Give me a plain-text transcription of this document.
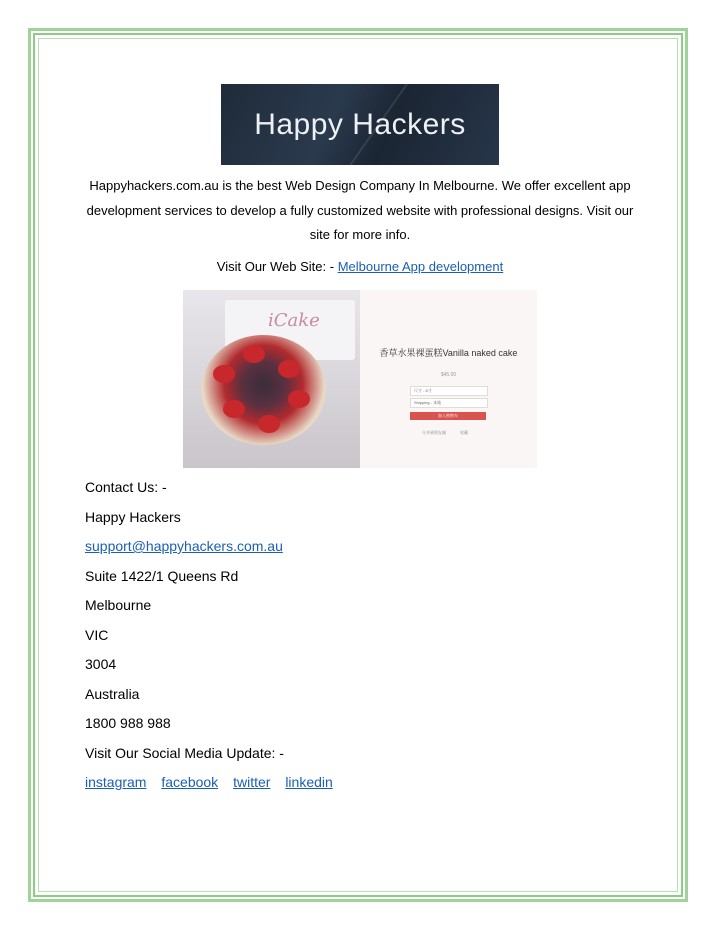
Happy Hackers
Happyhackers.com.au is the best Web Design Company In Melbourne. We offer excellent app development services to develop a fully customized website with professional designs. Visit our site for more info.
Visit Our Web Site: - Melbourne App development
iCake
香草水果裸蛋糕Vanilla naked cake
$45.00
尺寸 - 6寸
Shipping - 本地
加入购物车
分享到朋友圈	收藏
Contact Us: -
Happy Hackers
support@happyhackers.com.au
Suite 1422/1 Queens Rd
Melbourne
VIC
3004
Australia
1800 988 988
Visit Our Social Media Update: -
instagram facebook twitter linkedin
